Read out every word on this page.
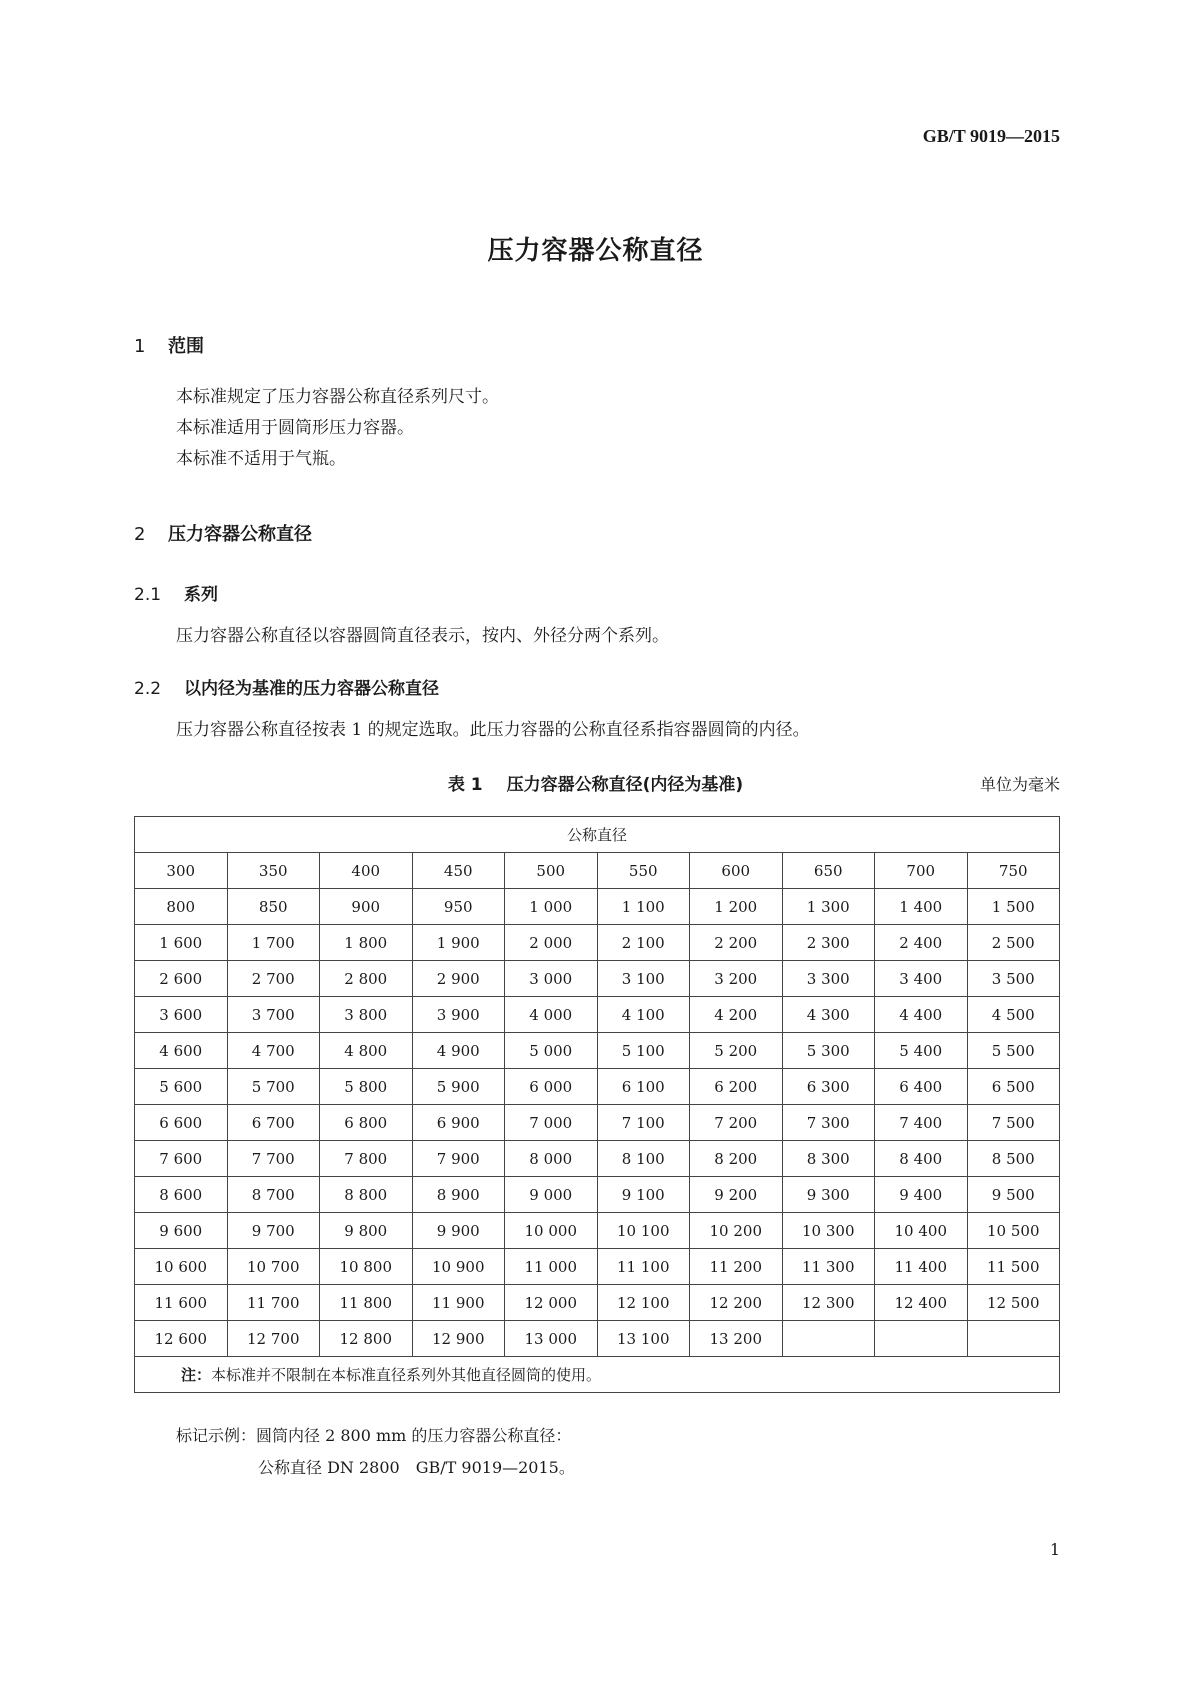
GB/T 9019—2015
压力容器公称直径
1 范围
本标准规定了压力容器公称直径系列尺寸。
本标准适用于圆筒形压力容器。
本标准不适用于气瓶。
2 压力容器公称直径
2.1 系列
压力容器公称直径以容器圆筒直径表示，按内、外径分两个系列。
2.2 以内径为基准的压力容器公称直径
压力容器公称直径按表 1 的规定选取。此压力容器的公称直径系指容器圆筒的内径。
表 1 压力容器公称直径(内径为基准)	单位为毫米
公称直径									
300	350	400	450	500	550	600	650	700	750
800	850	900	950	1 000	1 100	1 200	1 300	1 400	1 500
1 600	1 700	1 800	1 900	2 000	2 100	2 200	2 300	2 400	2 500
2 600	2 700	2 800	2 900	3 000	3 100	3 200	3 300	3 400	3 500
3 600	3 700	3 800	3 900	4 000	4 100	4 200	4 300	4 400	4 500
4 600	4 700	4 800	4 900	5 000	5 100	5 200	5 300	5 400	5 500
5 600	5 700	5 800	5 900	6 000	6 100	6 200	6 300	6 400	6 500
6 600	6 700	6 800	6 900	7 000	7 100	7 200	7 300	7 400	7 500
7 600	7 700	7 800	7 900	8 000	8 100	8 200	8 300	8 400	8 500
8 600	8 700	8 800	8 900	9 000	9 100	9 200	9 300	9 400	9 500
9 600	9 700	9 800	9 900	10 000	10 100	10 200	10 300	10 400	10 500
10 600	10 700	10 800	10 900	11 000	11 100	11 200	11 300	11 400	11 500
11 600	11 700	11 800	11 900	12 000	12 100	12 200	12 300	12 400	12 500
12 600	12 700	12 800	12 900	13 000	13 100	13 200			
注：本标准并不限制在本标准直径系列外其他直径圆筒的使用。									
标记示例：圆筒内径 2 800 mm 的压力容器公称直径：
公称直径 DN 2800　GB/T 9019—2015。
1
